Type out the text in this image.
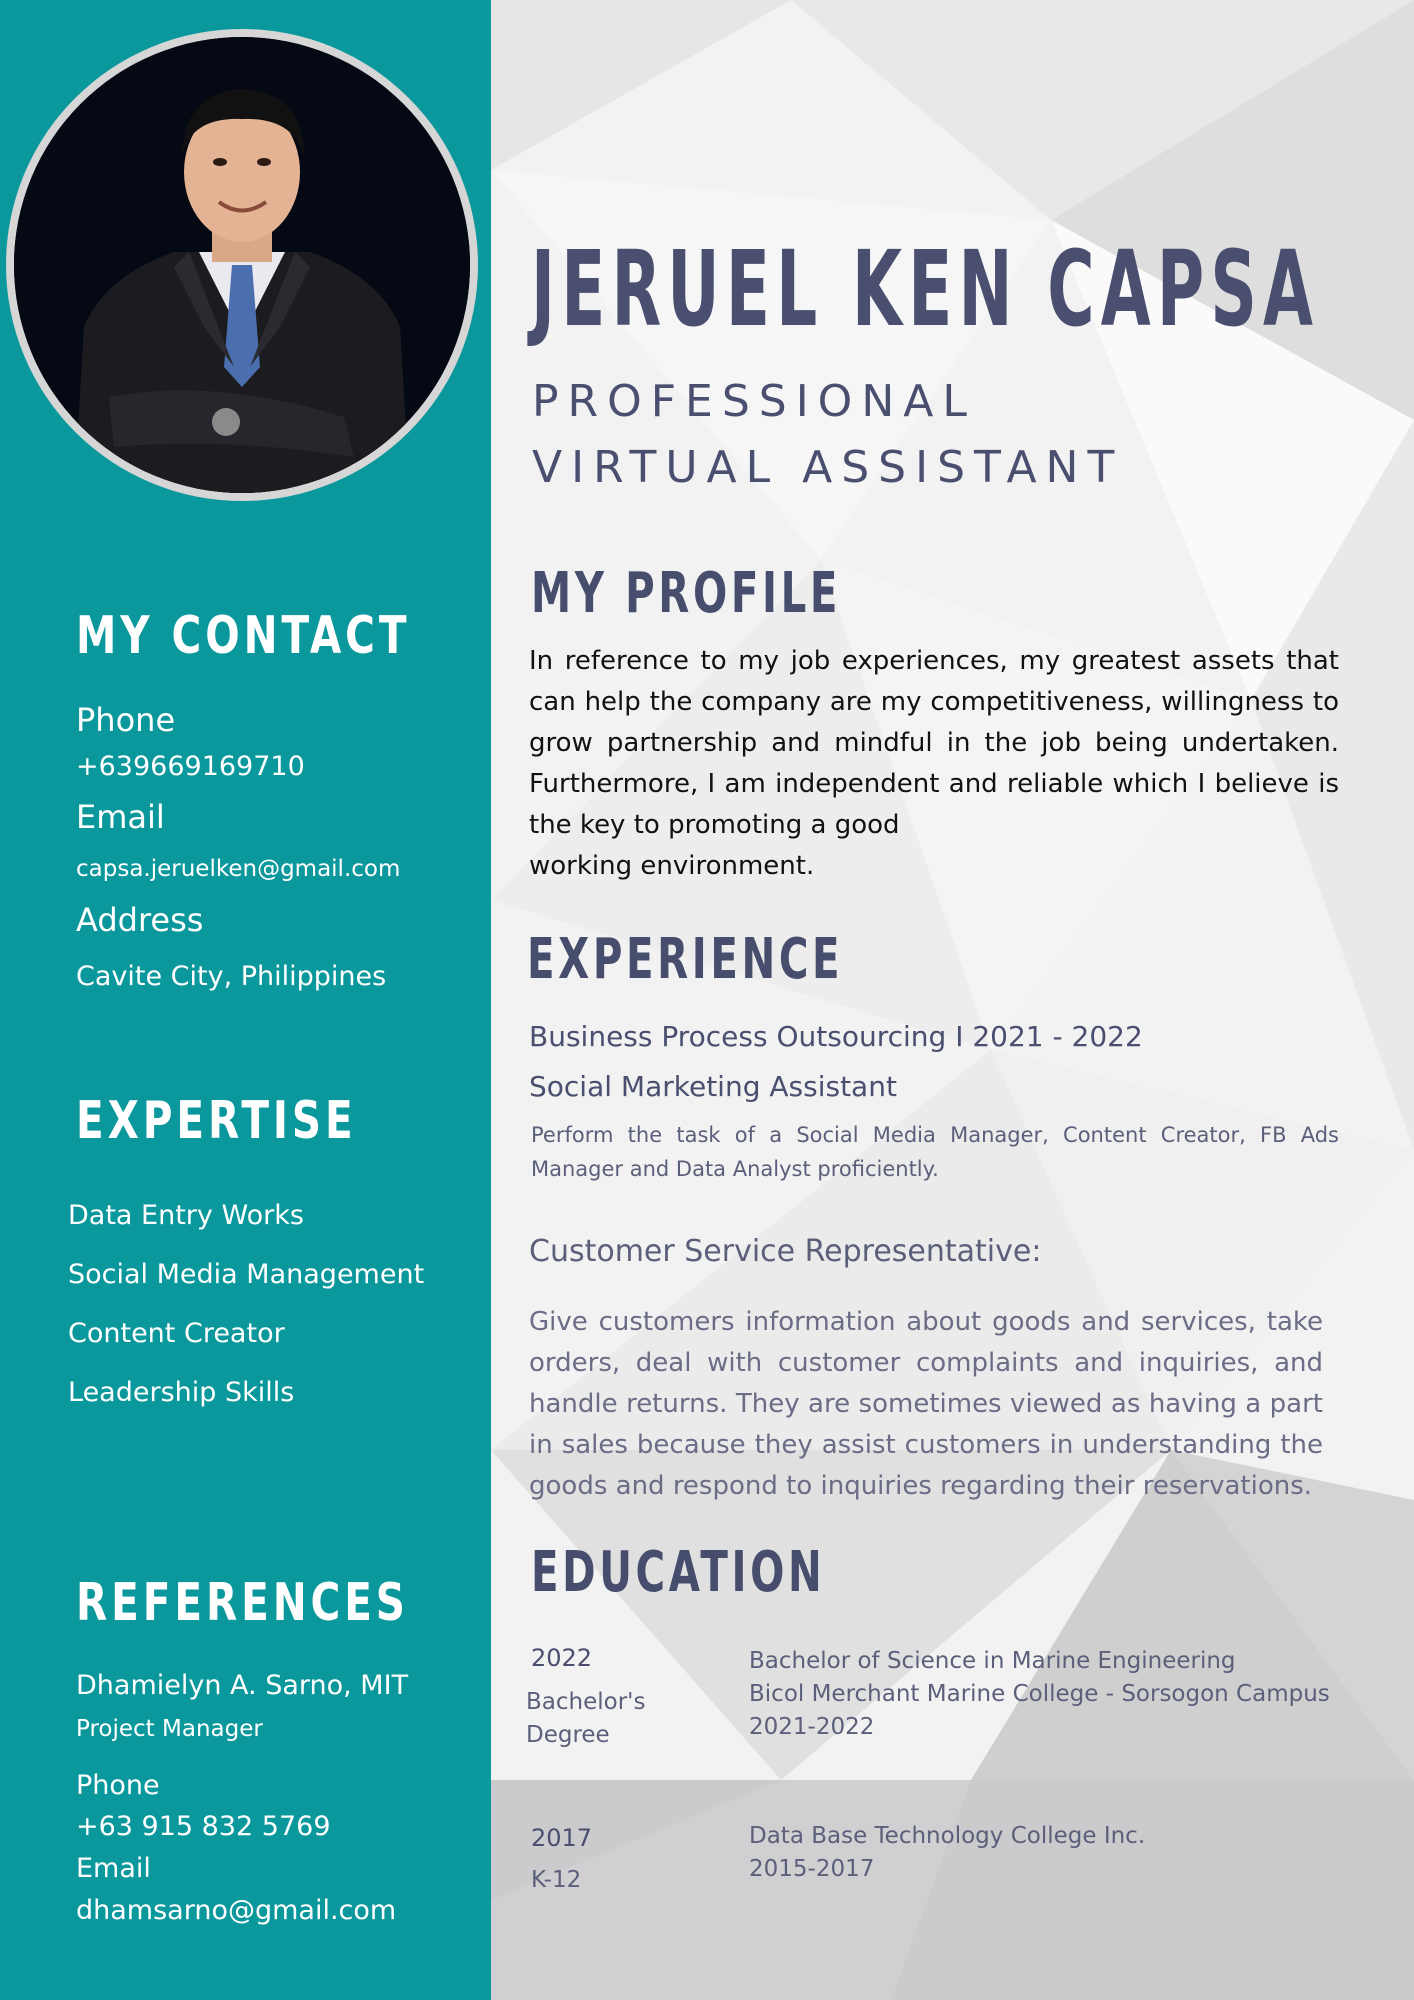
MY CONTACT
Phone
+639669169710
Email
capsa.jeruelken@gmail.com
Address
Cavite City, Philippines
EXPERTISE
Data Entry Works
Social Media Management
Content Creator
Leadership Skills
REFERENCES
Dhamielyn A. Sarno, MIT
Project Manager
Phone
+63 915 832 5769
Email
dhamsarno@gmail.com
JERUEL KEN CAPSA
PROFESSIONAL
VIRTUAL ASSISTANT
MY PROFILE

In reference to my job experiences, my greatest assets that can help the company are my competitiveness, willingness to grow partnership and mindful in the job being undertaken. Furthermore, I am independent and reliable which I believe is the key to promoting a good
working environment.

EXPERIENCE
Business Process Outsourcing I 2021 - 2022
Social Marketing Assistant

Perform the task of a Social Media Manager, Content Creator, FB Ads Manager and Data Analyst proficiently.

Customer Service Representative:

Give customers information about goods and services, take orders, deal with customer complaints and inquiries, and handle returns. They are sometimes viewed as having a part in sales because they assist customers in understanding the goods and respond to inquiries regarding their reservations.

EDUCATION
2022
Bachelor's
Degree
Bachelor of Science in Marine Engineering
Bicol Merchant Marine College - Sorsogon Campus
2021-2022
2017
K-12
Data Base Technology College Inc.
2015-2017
